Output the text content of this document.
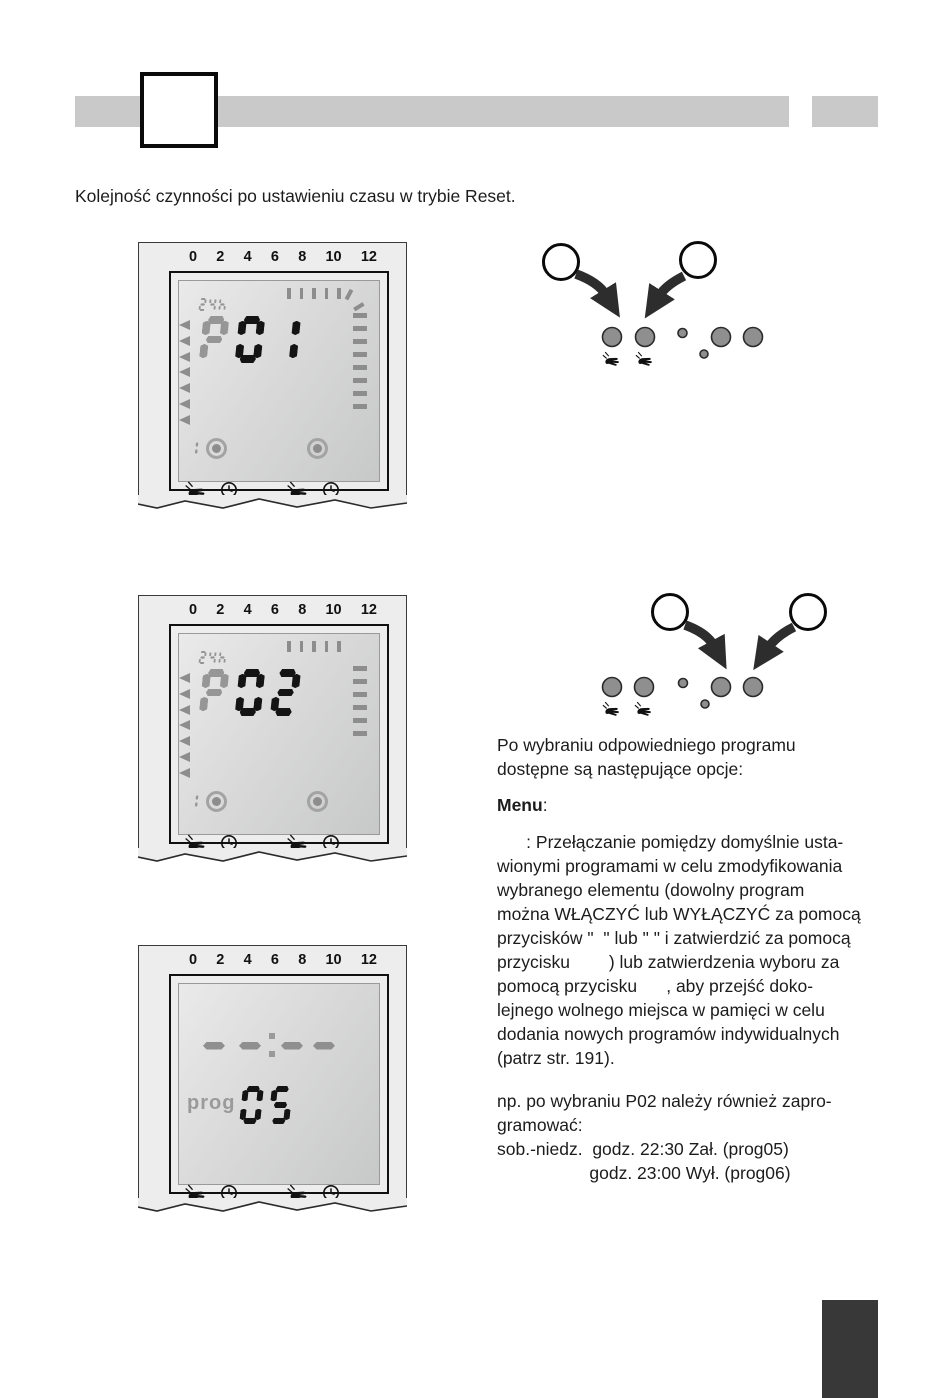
Kolejność czynności po ustawieniu czasu w trybie Reset.
0 2 4 6 8 10 12
0 2 4 6 8 10 12
0 2 4 6 8 10 12
prog
Po wybraniu odpowiedniego programu
dostępne są następujące opcje:
Menu:
: Przełączanie pomiędzy domyślnie usta-
wionymi programami w celu zmodyfikowania
wybranego elementu (dowolny program
można WŁĄCZYĆ lub WYŁĄCZYĆ za pomocą
przycisków "  " lub " " i zatwierdzić za pomocą
przycisku        ) lub zatwierdzenia wyboru za
pomocą przycisku      , aby przejść doko-
lejnego wolnego miejsca w pamięci w celu
dodania nowych programów indywidualnych
(patrz str. 191).
np. po wybraniu P02 należy również zapro-
gramować:
sob.-niedz.  godz. 22:30 Zał. (prog05)
godz. 23:00 Wył. (prog06)
